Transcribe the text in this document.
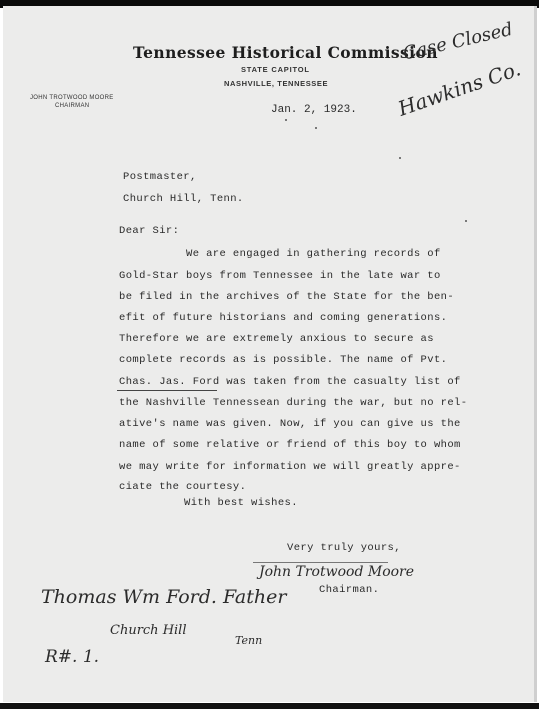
Tennessee Historical Commission
STATE CAPITOL
NASHVILLE, TENNESSEE
JOHN TROTWOOD MOORE
CHAIRMAN
Case Closed
Hawkins Co.
Jan. 2, 1923.
Postmaster,
Church Hill, Tenn.
Dear Sir:
We are engaged in gathering records of
Gold-Star boys from Tennessee in the late war to
be filed in the archives of the State for the ben-
efit of future historians and coming generations.
Therefore we are extremely anxious to secure as
complete records as is possible. The name of Pvt.
Chas. Jas. Ford was taken from the casualty list of
the Nashville Tennessean during the war, but no rel-
ative's name was given. Now, if you can give us the
name of some relative or friend of this boy to whom
we may write for information we will greatly appre-
ciate the courtesy.
With best wishes.
Very truly yours,
John Trotwood Moore
Chairman.
Thomas Wm Ford. Father
Church Hill
Tenn
R#. 1.
